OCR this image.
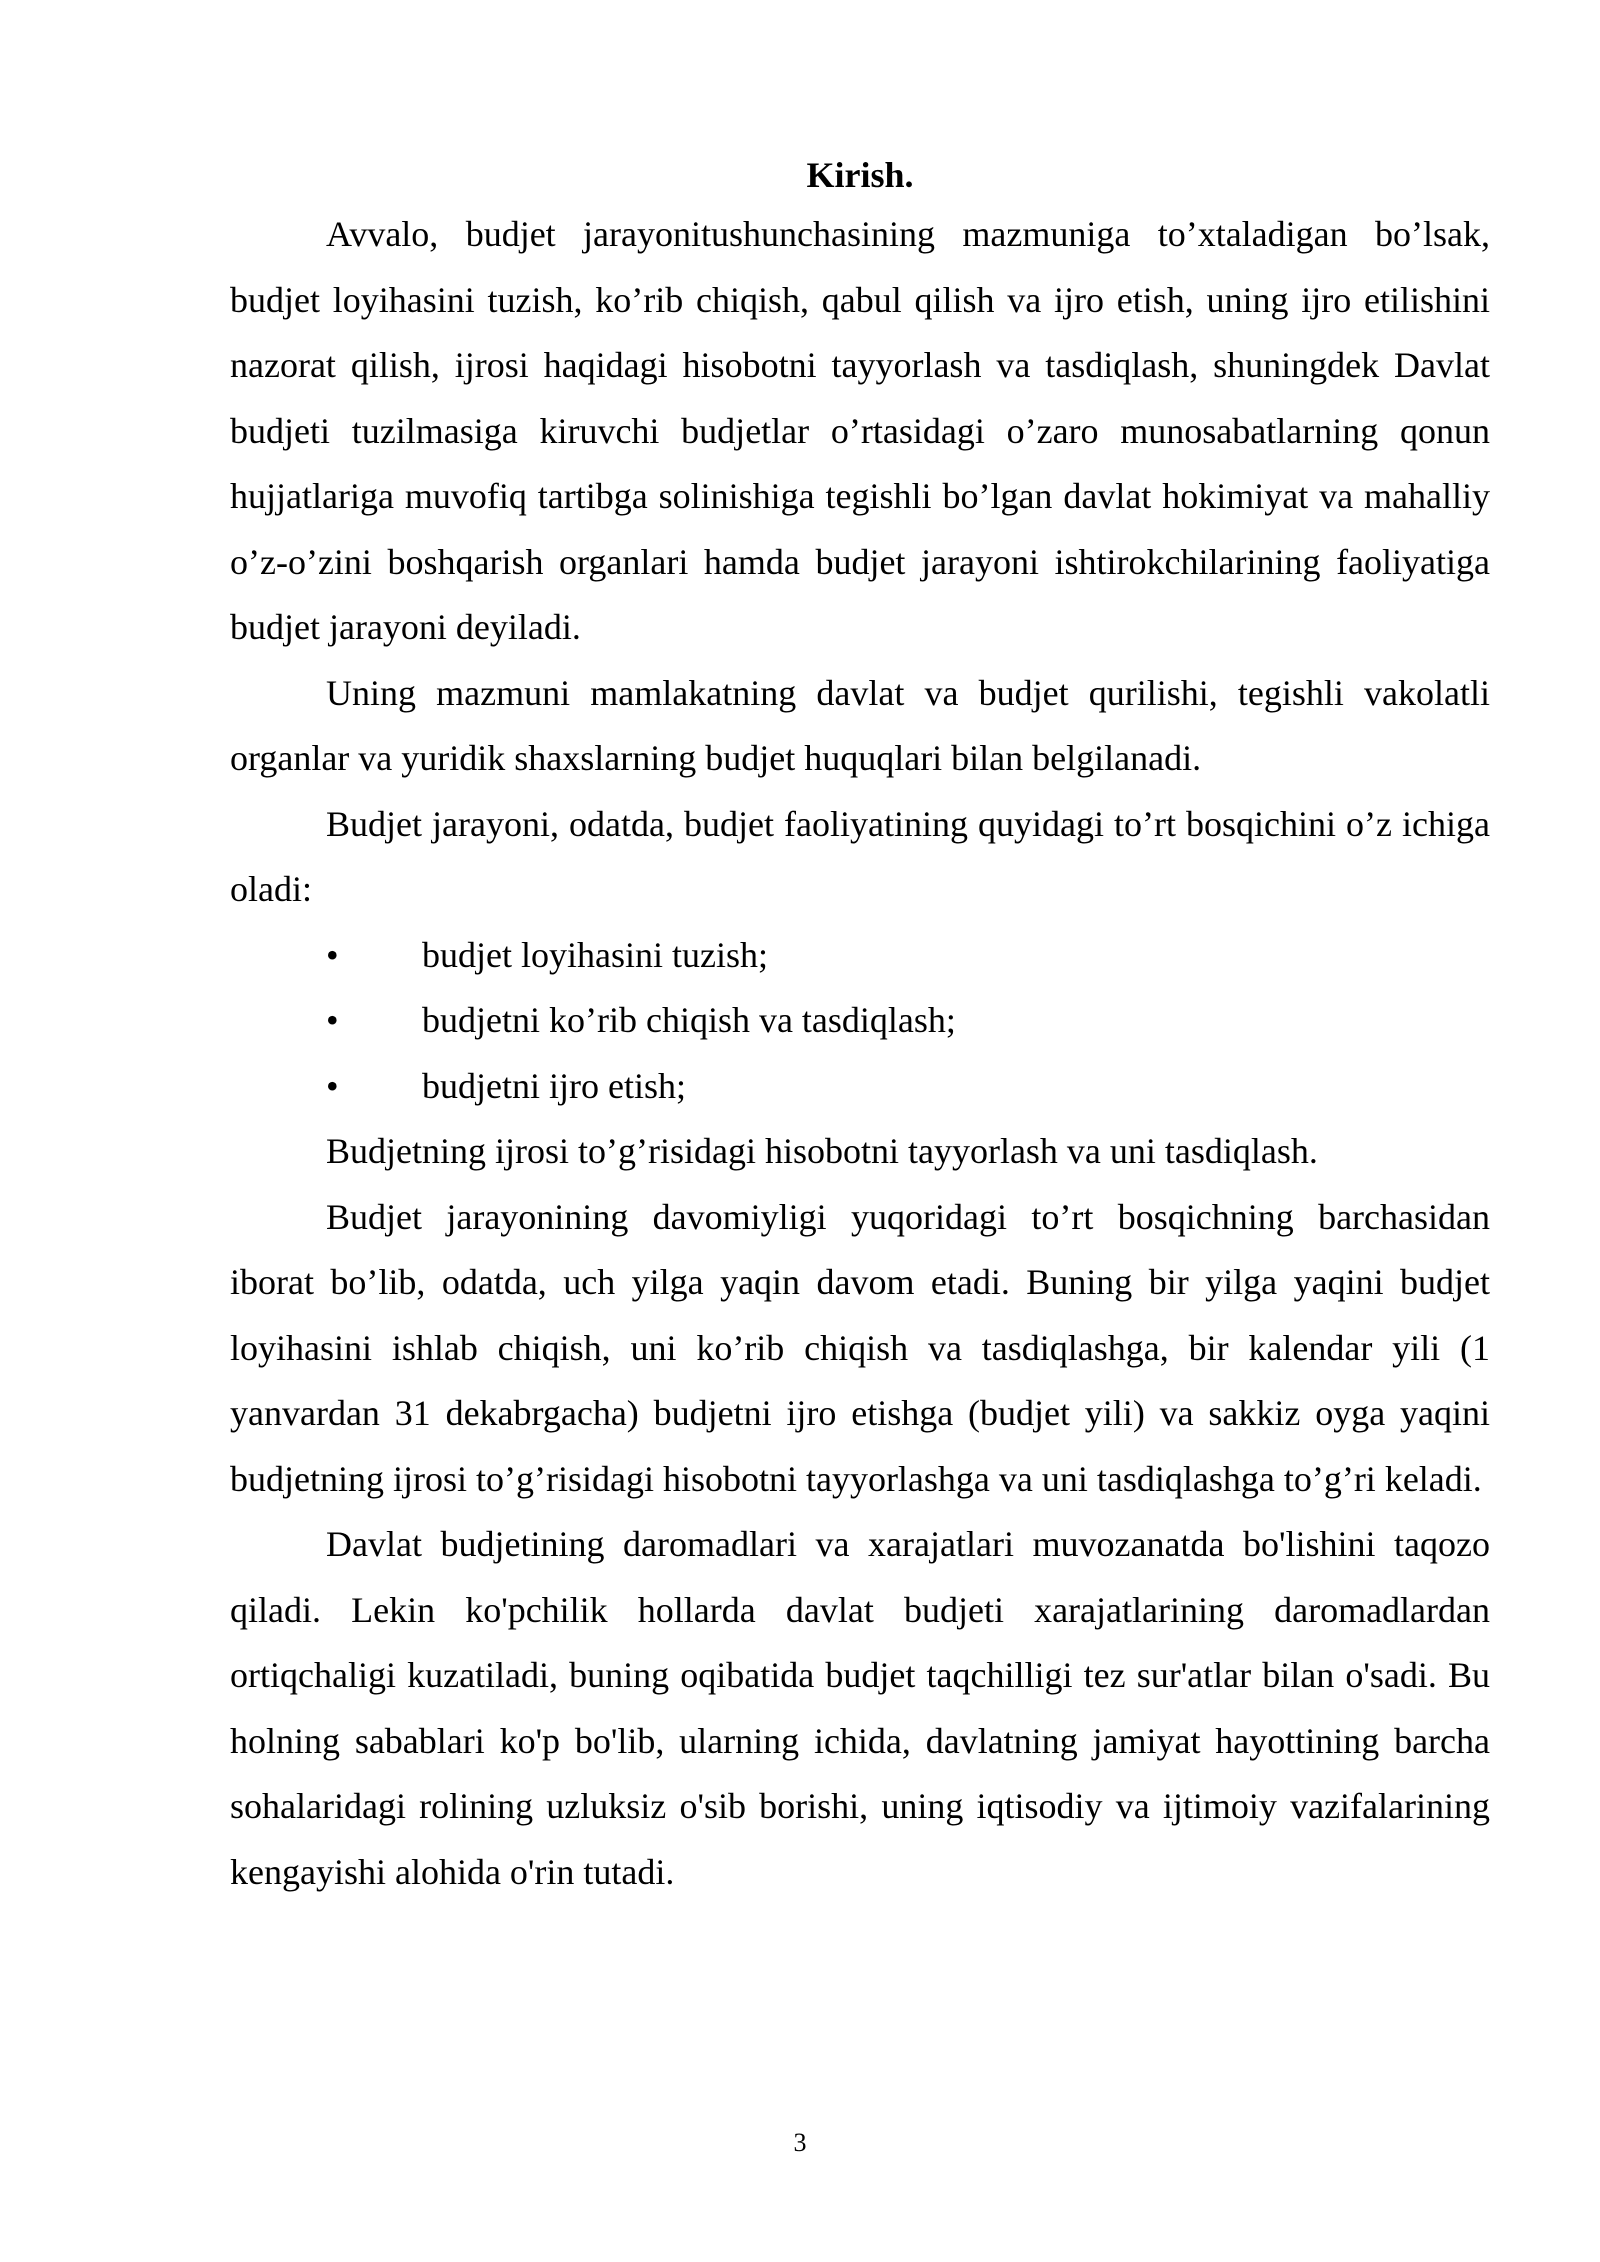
Kirish.

Avvalo, budjet jarayonitushunchasining mazmuniga to’xtaladigan bo’lsak, budjet loyihasini tuzish, ko’rib chiqish, qabul qilish va ijro etish, uning ijro etilishini nazorat qilish, ijrosi haqidagi hisobotni tayyorlash va tasdiqlash, shuningdek Davlat budjeti tuzilmasiga kiruvchi budjetlar o’rtasidagi o’zaro munosabatlarning qonun hujjatlariga muvofiq tartibga solinishiga tegishli bo’lgan davlat hokimiyat va mahalliy o’z-o’zini boshqarish organlari hamda budjet jarayoni ishtirokchilarining faoliyatiga budjet jarayoni deyiladi.

Uning mazmuni mamlakatning davlat va budjet qurilishi, tegishli vakolatli organlar va yuridik shaxslarning budjet huquqlari bilan belgilanadi.

Budjet jarayoni, odatda, budjet faoliyatining quyidagi to’rt bosqichini o’z ichiga oladi:

• budjet loyihasini tuzish;
• budjetni ko’rib chiqish va tasdiqlash;
• budjetni ijro etish;

Budjetning ijrosi to’g’risidagi hisobotni tayyorlash va uni tasdiqlash.

Budjet jarayonining davomiyligi yuqoridagi to’rt bosqichning barchasidan iborat bo’lib, odatda, uch yilga yaqin davom etadi. Buning bir yilga yaqini budjet loyihasini ishlab chiqish, uni ko’rib chiqish va tasdiqlashga, bir kalendar yili (1 yanvardan 31 dekabrgacha) budjetni ijro etishga (budjet yili) va sakkiz oyga yaqini budjetning ijrosi to’g’risidagi hisobotni tayyorlashga va uni tasdiqlashga to’g’ri keladi.

Davlat budjetining daromadlari va xarajatlari muvozanatda bo'lishini taqozo qiladi. Lekin ko'pchilik hollarda davlat budjeti xarajatlarining daromadlardan ortiqchaligi kuzatiladi, buning oqibatida budjet taqchilligi tez sur'atlar bilan o'sadi. Bu holning sabablari ko'p bo'lib, ularning ichida, davlatning jamiyat hayottining barcha sohalaridagi rolining uzluksiz o'sib borishi, uning iqtisodiy va ijtimoiy vazifalarining kengayishi alohida o'rin tutadi.

3
